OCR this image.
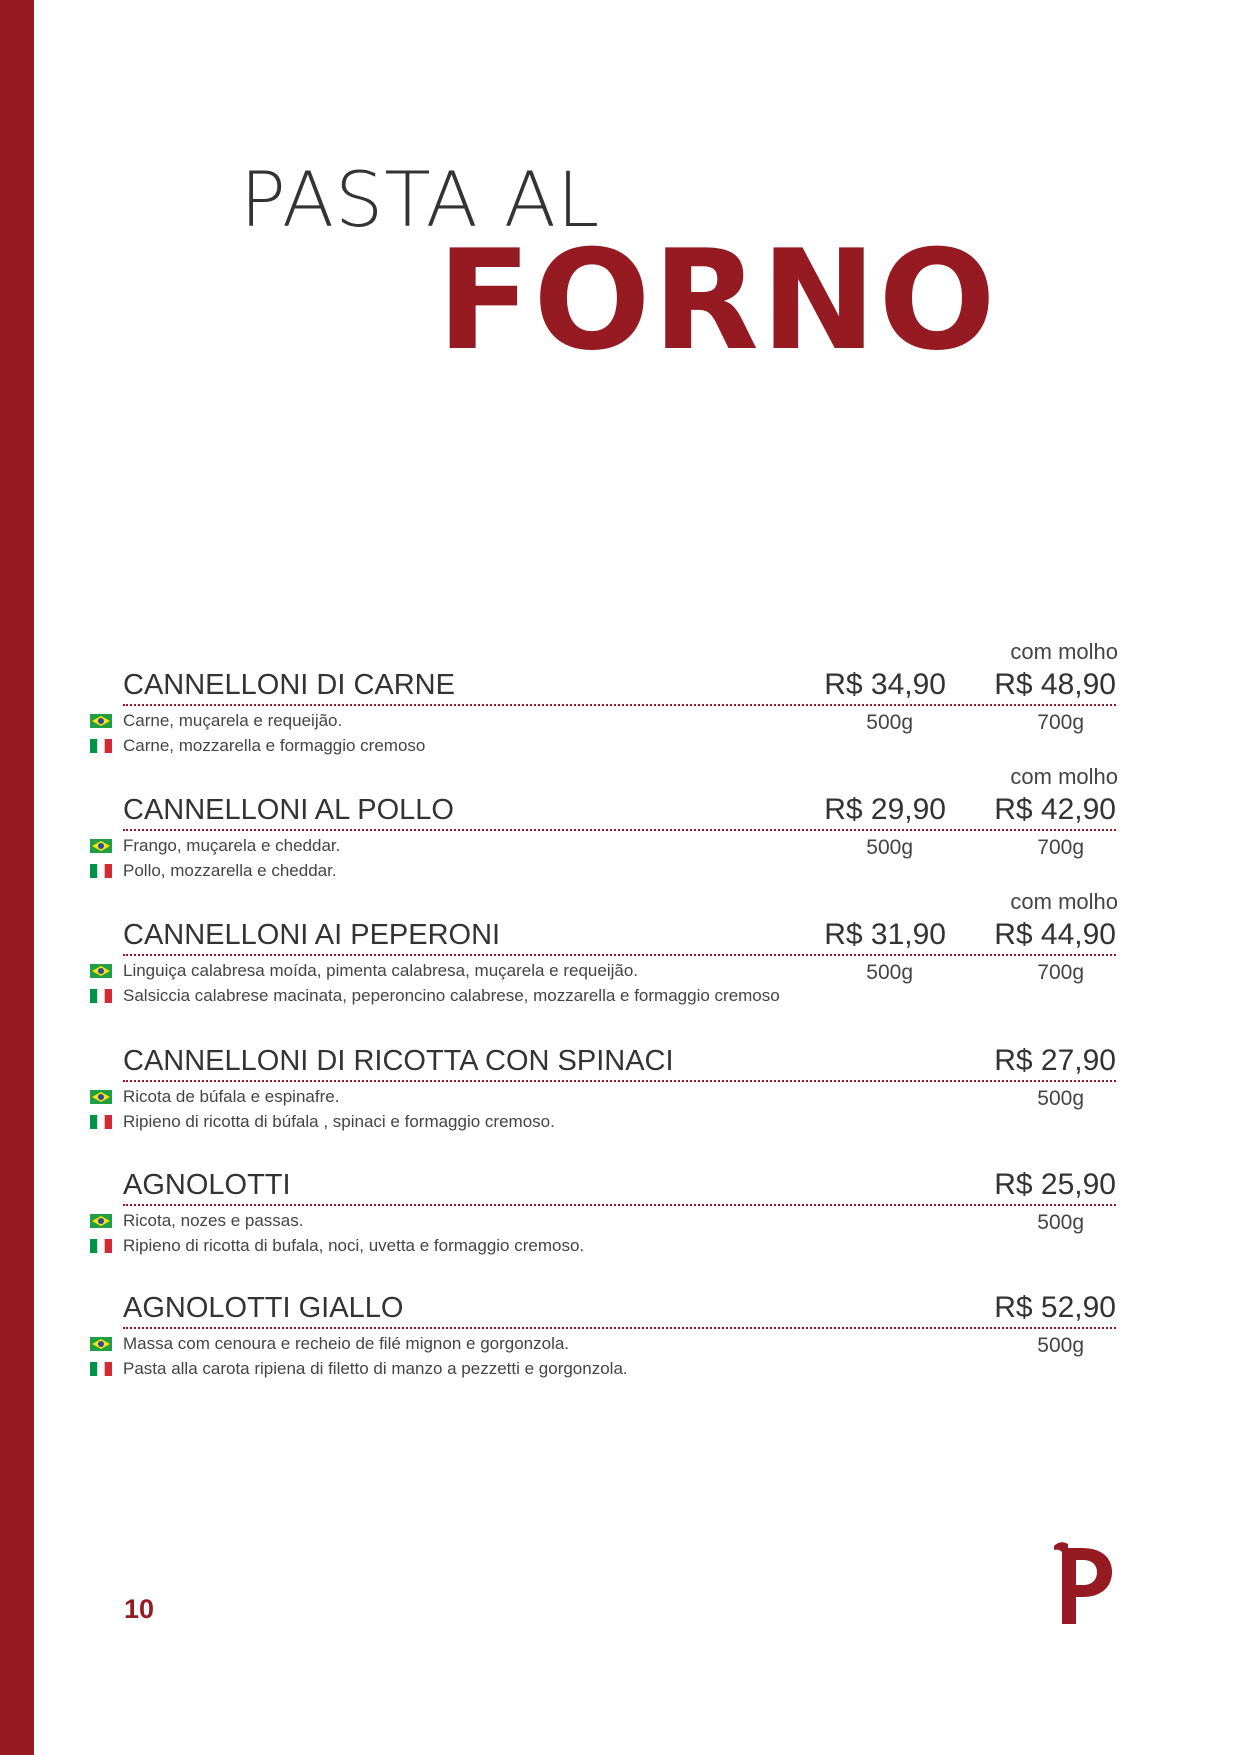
PASTA AL
FORNO
com molho
CANNELLONI DI CARNE	R$ 34,90 R$ 48,90
Carne, muçarela e requeijão.	500g	700g
Carne, mozzarella e formaggio cremoso
com molho
CANNELLONI AL POLLO	R$ 29,90 R$ 42,90
Frango, muçarela e cheddar.	500g	700g
Pollo, mozzarella e cheddar.
com molho
CANNELLONI AI PEPERONI	R$ 31,90 R$ 44,90
Linguiça calabresa moída, pimenta calabresa, muçarela e requeijão.	500g	700g
Salsiccia calabrese macinata, peperoncino calabrese, mozzarella e formaggio cremoso
CANNELLONI DI RICOTTA CON SPINACI	R$ 27,90
Ricota de búfala e espinafre.	500g
Ripieno di ricotta di búfala , spinaci e formaggio cremoso.
AGNOLOTTI	R$ 25,90
Ricota, nozes e passas.	500g
Ripieno di ricotta di bufala, noci, uvetta e formaggio cremoso.
AGNOLOTTI GIALLO	R$ 52,90
Massa com cenoura e recheio de filé mignon e gorgonzola.	500g
Pasta alla carota ripiena di filetto di manzo a pezzetti e gorgonzola.
10
